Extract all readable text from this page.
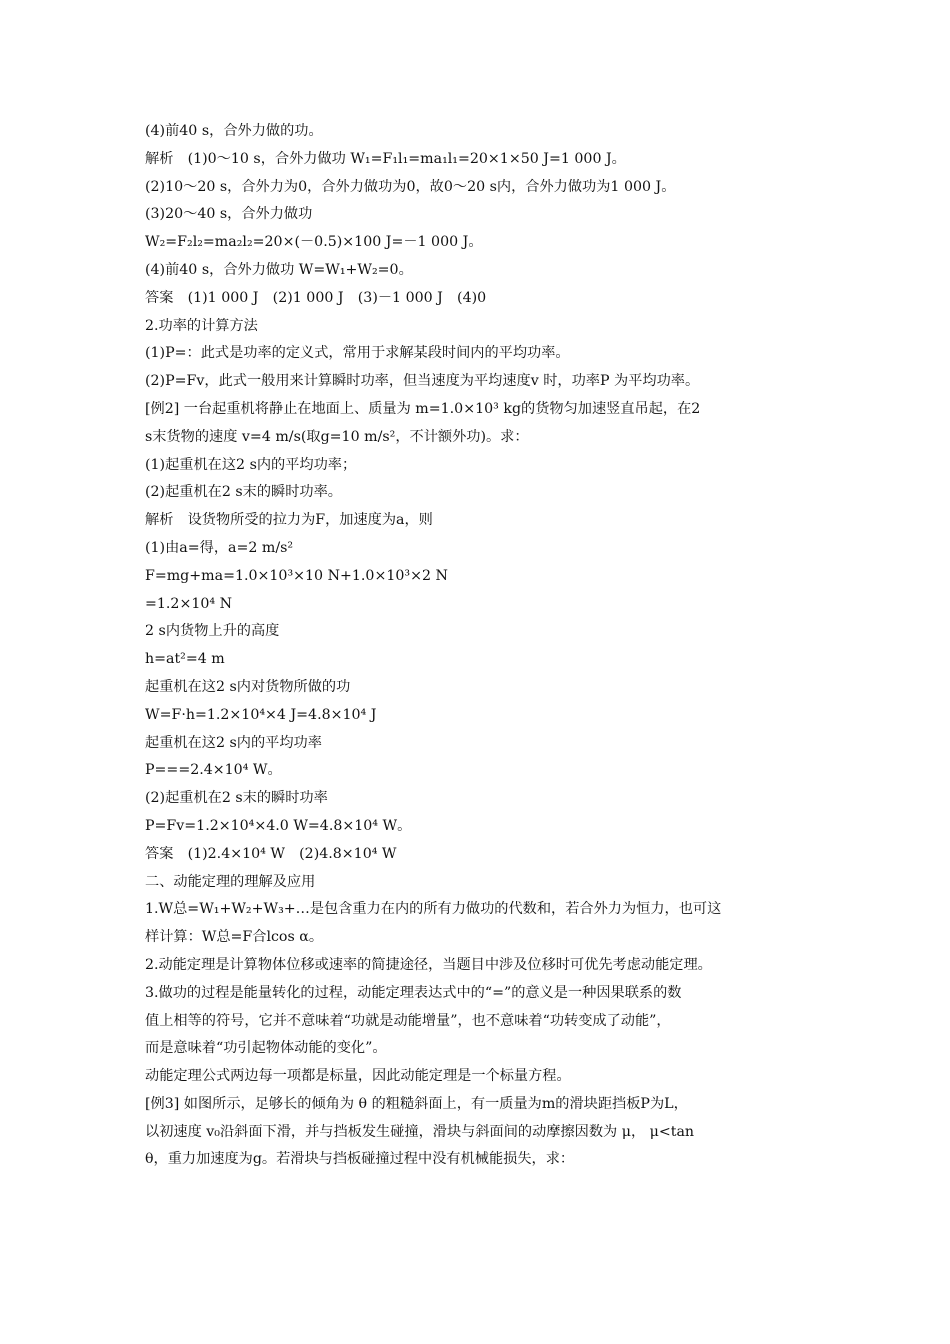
(4)前40 s，合外力做的功。
解析　(1)0～10 s，合外力做功 W₁=F₁l₁=ma₁l₁=20×1×50 J=1 000 J。
(2)10～20 s，合外力为0，合外力做功为0，故0～20 s内，合外力做功为1 000 J。
(3)20～40 s，合外力做功
W₂=F₂l₂=ma₂l₂=20×(－0.5)×100 J=－1 000 J。
(4)前40 s，合外力做功 W=W₁+W₂=0。
答案　(1)1 000 J　(2)1 000 J　(3)－1 000 J　(4)0
2.功率的计算方法
(1)P=：此式是功率的定义式，常用于求解某段时间内的平均功率。
(2)P=Fv，此式一般用来计算瞬时功率，但当速度为平均速度v 时，功率P 为平均功率。
[例2] 一台起重机将静止在地面上、质量为 m=1.0×10³ kg的货物匀加速竖直吊起，在2
s末货物的速度 v=4 m/s(取g=10 m/s²，不计额外功)。求：
(1)起重机在这2 s内的平均功率；
(2)起重机在2 s末的瞬时功率。
解析　设货物所受的拉力为F，加速度为a，则
(1)由a=得，a=2 m/s²
F=mg+ma=1.0×10³×10 N+1.0×10³×2 N
=1.2×10⁴ N
2 s内货物上升的高度
h=at²=4 m
起重机在这2 s内对货物所做的功
W=F·h=1.2×10⁴×4 J=4.8×10⁴ J
起重机在这2 s内的平均功率
P===2.4×10⁴ W。
(2)起重机在2 s末的瞬时功率
P=Fv=1.2×10⁴×4.0 W=4.8×10⁴ W。
答案　(1)2.4×10⁴ W　(2)4.8×10⁴ W
二、动能定理的理解及应用
1.W总=W₁+W₂+W₃+…是包含重力在内的所有力做功的代数和，若合外力为恒力，也可这
样计算：W总=F合lcos α。
2.动能定理是计算物体位移或速率的简捷途径，当题目中涉及位移时可优先考虑动能定理。
3.做功的过程是能量转化的过程，动能定理表达式中的“=”的意义是一种因果联系的数
值上相等的符号，它并不意味着“功就是动能增量”，也不意味着“功转变成了动能”，
而是意味着“功引起物体动能的变化”。
动能定理公式两边每一项都是标量，因此动能定理是一个标量方程。
[例3] 如图所示，足够长的倾角为 θ 的粗糙斜面上，有一质量为m的滑块距挡板P为L，
以初速度 v₀沿斜面下滑，并与挡板发生碰撞，滑块与斜面间的动摩擦因数为 μ， μ<tan
θ，重力加速度为g。若滑块与挡板碰撞过程中没有机械能损失，求：
